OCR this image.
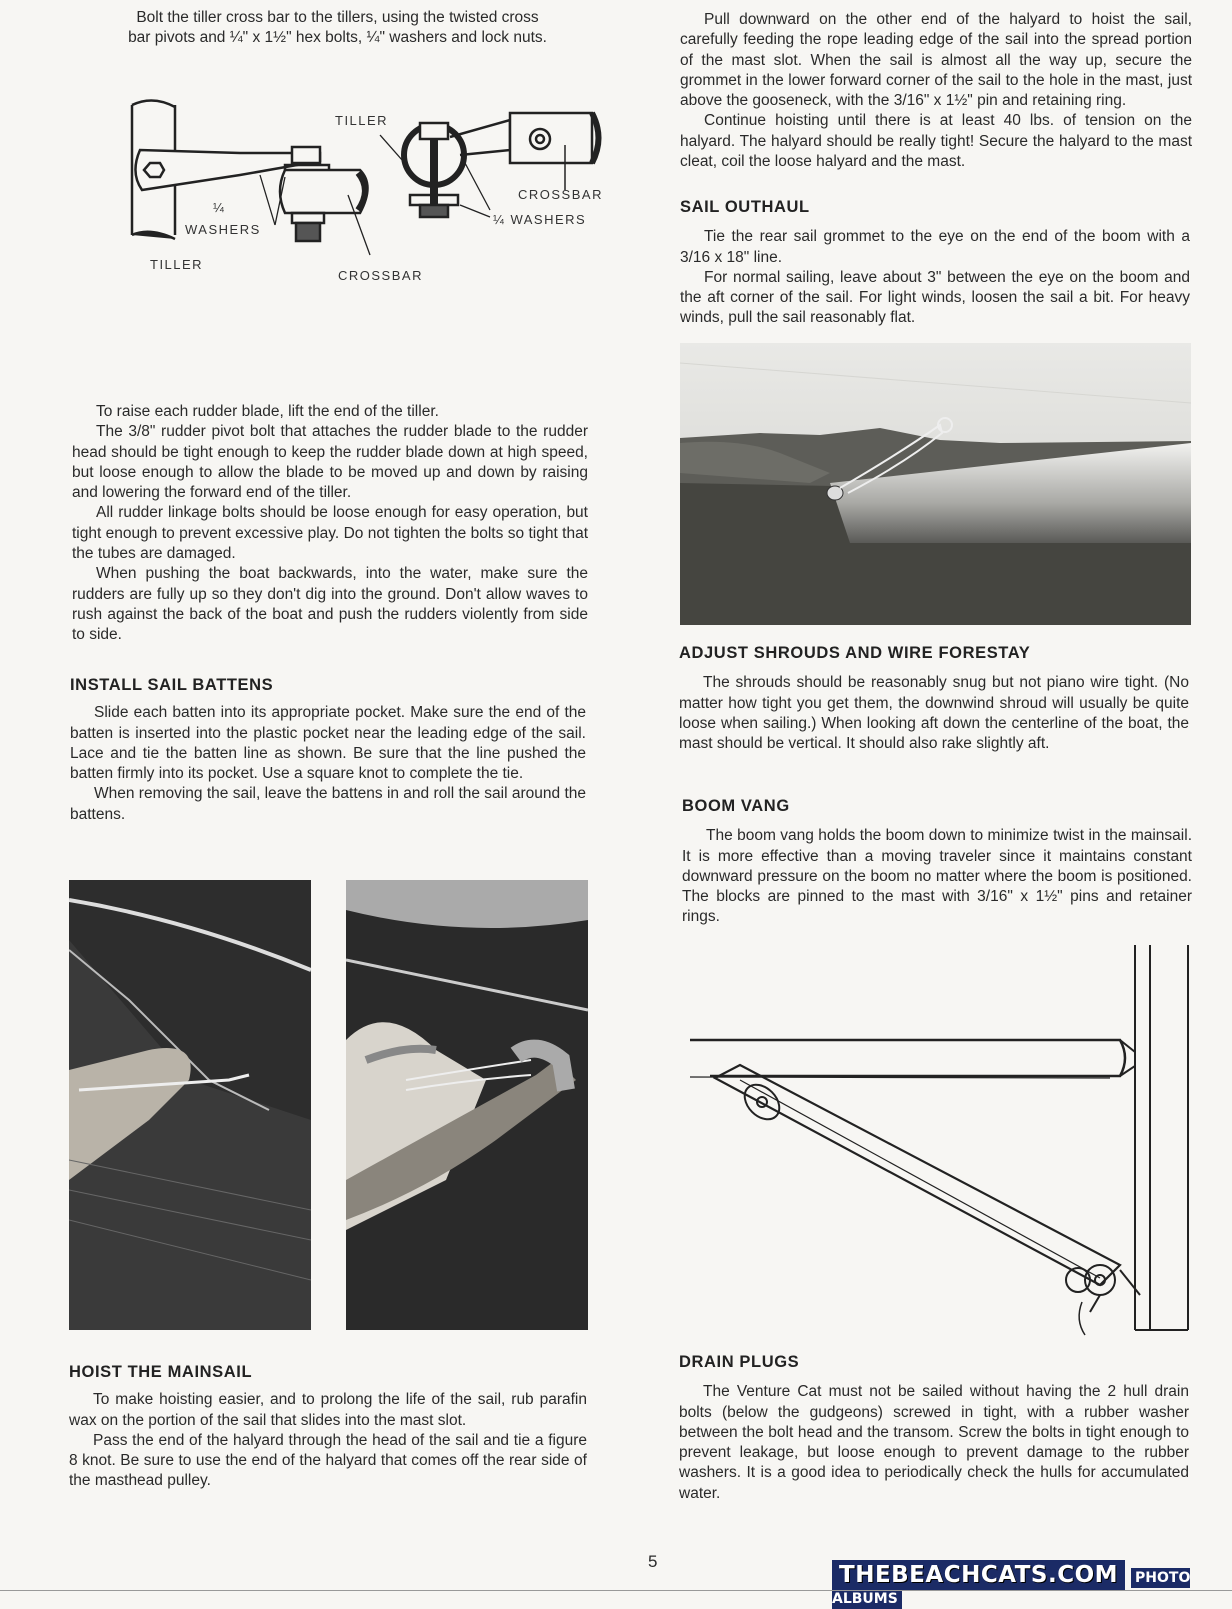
Bolt the tiller cross bar to the tillers, using the twisted cross

bar pivots and ¼" x 1½" hex bolts, ¼" washers and lock nuts.

TILLER
¼
WASHERS
TILLER
CROSSBAR
CROSSBAR
¼ WASHERS

To raise each rudder blade, lift the end of the tiller.

The 3/8" rudder pivot bolt that attaches the rudder blade to the rudder head should be tight enough to keep the rudder blade down at high speed, but loose enough to allow the blade to be moved up and down by raising and lowering the forward end of the tiller.

All rudder linkage bolts should be loose enough for easy operation, but tight enough to prevent excessive play. Do not tighten the bolts so tight that the tubes are damaged.

When pushing the boat backwards, into the water, make sure the rudders are fully up so they don't dig into the ground. Don't allow waves to rush against the back of the boat and push the rudders violently from side to side.

INSTALL SAIL BATTENS

Slide each batten into its appropriate pocket. Make sure the end of the batten is inserted into the plastic pocket near the leading edge of the sail. Lace and tie the batten line as shown. Be sure that the line pushed the batten firmly into its pocket. Use a square knot to complete the tie.

When removing the sail, leave the battens in and roll the sail around the battens.

HOIST THE MAINSAIL

To make hoisting easier, and to prolong the life of the sail, rub parafin wax on the portion of the sail that slides into the mast slot.

Pass the end of the halyard through the head of the sail and tie a figure 8 knot. Be sure to use the end of the halyard that comes off the rear side of the masthead pulley.

Pull downward on the other end of the halyard to hoist the sail, carefully feeding the rope leading edge of the sail into the spread portion of the mast slot. When the sail is almost all the way up, secure the grommet in the lower forward corner of the sail to the hole in the mast, just above the gooseneck, with the 3/16" x 1½" pin and retaining ring.

Continue hoisting until there is at least 40 lbs. of tension on the halyard. The halyard should be really tight! Secure the halyard to the mast cleat, coil the loose halyard and the mast.

SAIL OUTHAUL

Tie the rear sail grommet to the eye on the end of the boom with a 3/16 x 18" line.

For normal sailing, leave about 3" between the eye on the boom and the aft corner of the sail. For light winds, loosen the sail a bit. For heavy winds, pull the sail reasonably flat.

ADJUST SHROUDS AND WIRE FORESTAY

The shrouds should be reasonably snug but not piano wire tight. (No matter how tight you get them, the downwind shroud will usually be quite loose when sailing.) When looking aft down the centerline of the boat, the mast should be vertical. It should also rake slightly aft.

BOOM VANG

The boom vang holds the boom down to minimize twist in the mainsail. It is more effective than a moving traveler since it maintains constant downward pressure on the boom no matter where the boom is positioned. The blocks are pinned to the mast with 3/16" x 1½" pins and retainer rings.

DRAIN PLUGS

The Venture Cat must not be sailed without having the 2 hull drain bolts (below the gudgeons) screwed in tight, with a rubber washer between the bolt head and the transom. Screw the bolts in tight enough to prevent leakage, but loose enough to prevent damage to the rubber washers. It is a good idea to periodically check the hulls for accumulated water.

5
THEBEACHCATS.COM PHOTO ALBUMS
